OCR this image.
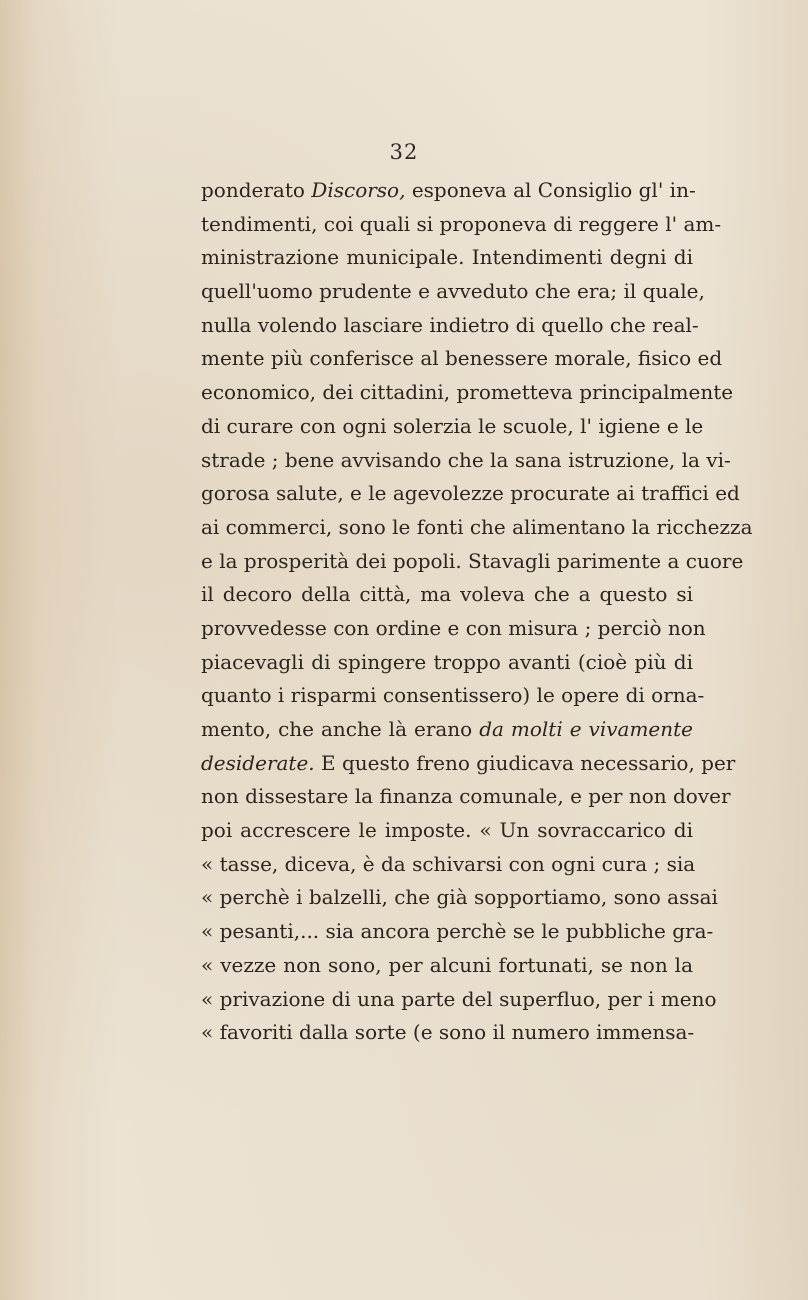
32
ponderato Discorso, esponeva al Consiglio gl' in-
tendimenti, coi quali si proponeva di reggere l' am-
ministrazione municipale. Intendimenti degni di
quell'uomo prudente e avveduto che era; il quale,
nulla volendo lasciare indietro di quello che real-
mente più conferisce al benessere morale, fisico ed
economico, dei cittadini, prometteva principalmente
di curare con ogni solerzia le scuole, l' igiene e le
strade ; bene avvisando che la sana istruzione, la vi-
gorosa salute, e le agevolezze procurate ai traffici ed
ai commerci, sono le fonti che alimentano la ricchezza
e la prosperità dei popoli. Stavagli parimente a cuore
il decoro della città, ma voleva che a questo si
provvedesse con ordine e con misura ; perciò non
piacevagli di spingere troppo avanti (cioè più di
quanto i risparmi consentissero) le opere di orna-
mento, che anche là erano da molti e vivamente
desiderate. E questo freno giudicava necessario, per
non dissestare la finanza comunale, e per non dover
poi accrescere le imposte. « Un sovraccarico di
« tasse, diceva, è da schivarsi con ogni cura ; sia
« perchè i balzelli, che già sopportiamo, sono assai
« pesanti,... sia ancora perchè se le pubbliche gra-
« vezze non sono, per alcuni fortunati, se non la
« privazione di una parte del superfluo, per i meno
« favoriti dalla sorte (e sono il numero immensa-
